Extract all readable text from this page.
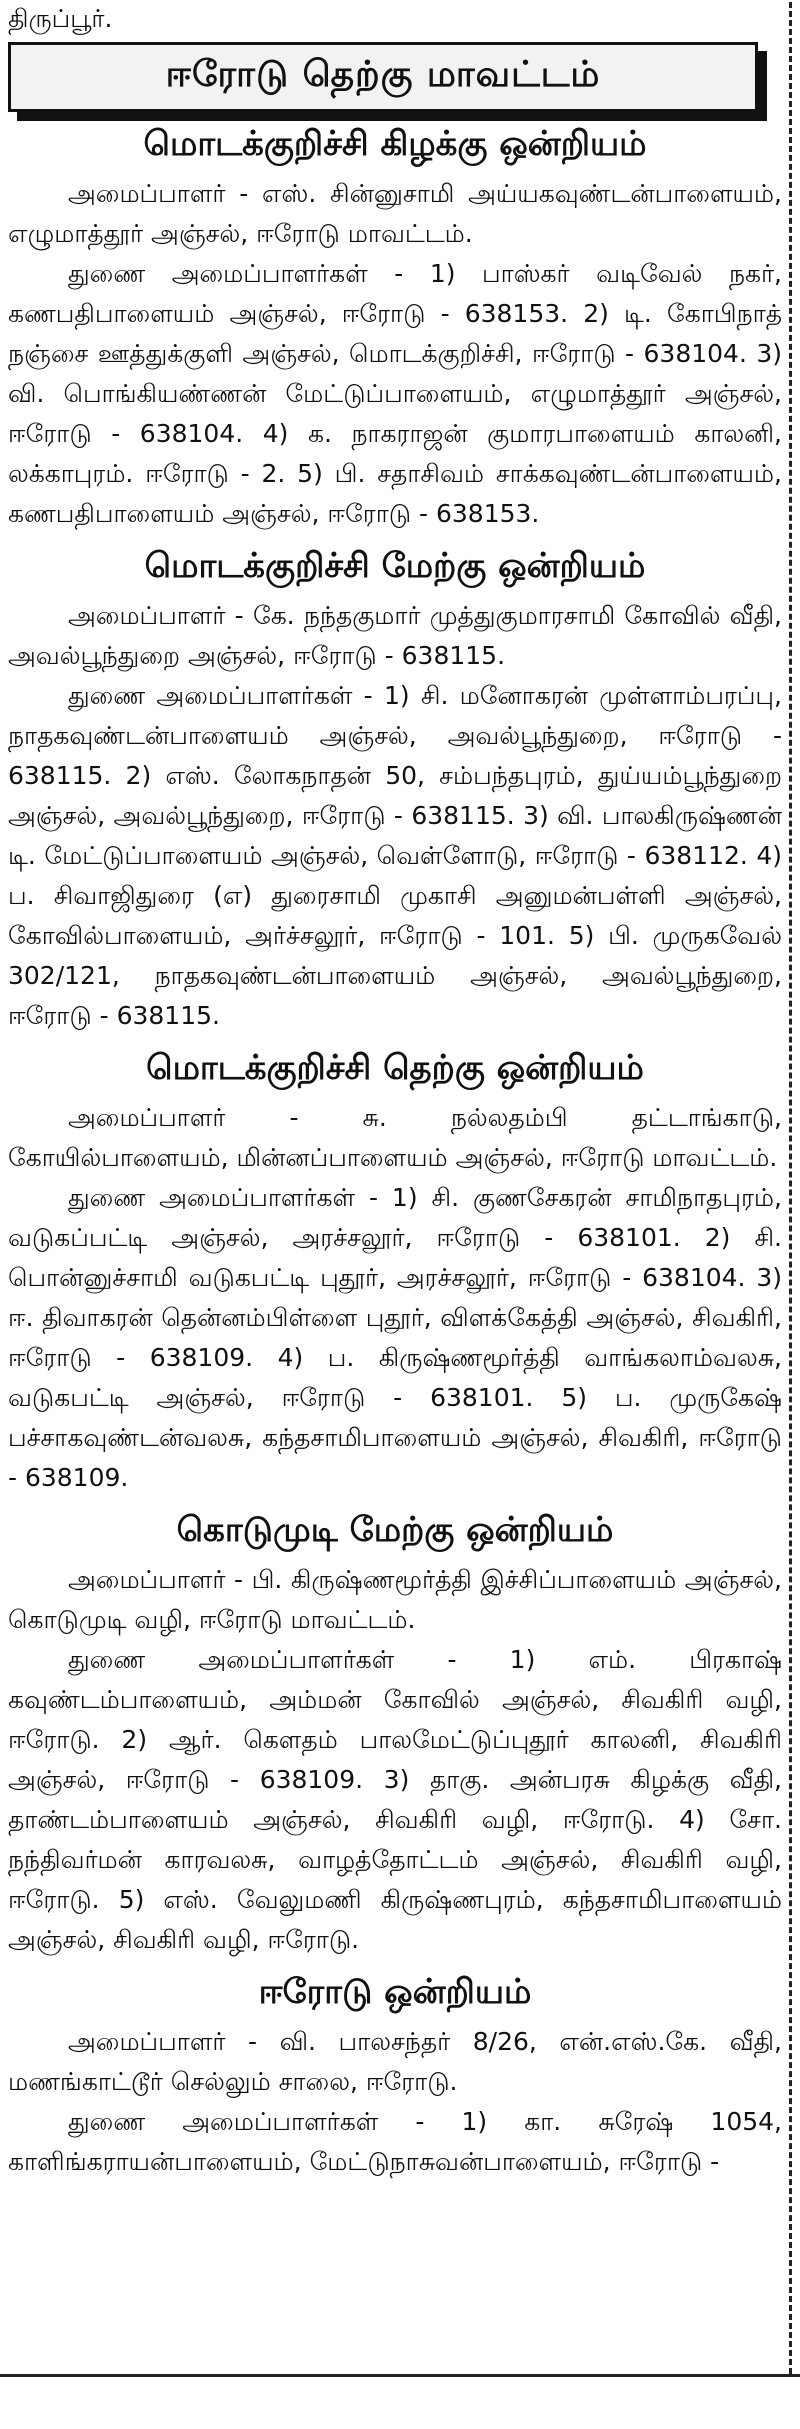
திருப்பூர்.
ஈரோடு தெற்கு மாவட்டம்
மொடக்குறிச்சி கிழக்கு ஒன்றியம்

அமைப்பாளர் - எஸ். சின்னுசாமி அய்யகவுண்டன்பாளையம், எழுமாத்தூர் அஞ்சல், ஈரோடு மாவட்டம்.

துணை அமைப்பாளர்கள் - 1) பாஸ்கர் வடிவேல் நகர், கணபதிபாளையம் அஞ்சல், ஈரோடு - 638153. 2) டி. கோபிநாத் நஞ்சை ஊத்துக்குளி அஞ்சல், மொடக்குறிச்சி, ஈரோடு - 638104. 3) வி. பொங்கியண்ணன் மேட்டுப்பாளையம், எழுமாத்தூர் அஞ்சல், ஈரோடு - 638104. 4) க. நாகராஜன் குமாரபாளையம் காலனி, லக்காபுரம். ஈரோடு - 2. 5) பி. சதாசிவம் சாக்கவுண்டன்பாளையம், கணபதிபாளையம் அஞ்சல், ஈரோடு - 638153.

மொடக்குறிச்சி மேற்கு ஒன்றியம்

அமைப்பாளர் - கே. நந்தகுமார் முத்துகுமாரசாமி கோவில் வீதி, அவல்பூந்துறை அஞ்சல், ஈரோடு - 638115.

துணை அமைப்பாளர்கள் - 1) சி. மனோகரன் முள்ளாம்பரப்பு, நாதகவுண்டன்பாளையம் அஞ்சல், அவல்பூந்துறை, ஈரோடு - 638115. 2) எஸ். லோகநாதன் 50, சம்பந்தபுரம், துய்யம்பூந்துறை அஞ்சல், அவல்பூந்துறை, ஈரோடு - 638115. 3) வி. பாலகிருஷ்ணன் டி. மேட்டுப்பாளையம் அஞ்சல், வெள்ளோடு, ஈரோடு - 638112. 4) ப. சிவாஜிதுரை (எ) துரைசாமி முகாசி அனுமன்பள்ளி அஞ்சல், கோவில்பாளையம், அர்ச்சலூர், ஈரோடு - 101. 5) பி. முருகவேல் 302/121, நாதகவுண்டன்பாளையம் அஞ்சல், அவல்பூந்துறை, ஈரோடு - 638115.

மொடக்குறிச்சி தெற்கு ஒன்றியம்

அமைப்பாளர் - சு. நல்லதம்பி தட்டாங்காடு, கோயில்பாளையம், மின்னப்பாளையம் அஞ்சல், ஈரோடு மாவட்டம்.

துணை அமைப்பாளர்கள் - 1) சி. குணசேகரன் சாமிநாதபுரம், வடுகப்பட்டி அஞ்சல், அரச்சலூர், ஈரோடு - 638101. 2) சி. பொன்னுச்சாமி வடுகபட்டி புதூர், அரச்சலூர், ஈரோடு - 638104. 3) ஈ. திவாகரன் தென்னம்பிள்ளை புதூர், விளக்கேத்தி அஞ்சல், சிவகிரி, ஈரோடு - 638109. 4) ப. கிருஷ்ணமூர்த்தி வாங்கலாம்வலசு, வடுகபட்டி அஞ்சல், ஈரோடு - 638101. 5) ப. முருகேஷ் பச்சாகவுண்டன்வலசு, கந்தசாமிபாளையம் அஞ்சல், சிவகிரி, ஈரோடு - 638109.

கொடுமுடி மேற்கு ஒன்றியம்

அமைப்பாளர் - பி. கிருஷ்ணமூர்த்தி இச்சிப்பாளையம் அஞ்சல், கொடுமுடி வழி, ஈரோடு மாவட்டம்.

துணை அமைப்பாளர்கள் - 1) எம். பிரகாஷ் கவுண்டம்பாளையம், அம்மன் கோவில் அஞ்சல், சிவகிரி வழி, ஈரோடு. 2) ஆர். கௌதம் பாலமேட்டுப்புதூர் காலனி, சிவகிரி அஞ்சல், ஈரோடு - 638109. 3) தாகு. அன்பரசு கிழக்கு வீதி, தாண்டம்பாளையம் அஞ்சல், சிவகிரி வழி, ஈரோடு. 4) சோ. நந்திவர்மன் காரவலசு, வாழத்தோட்டம் அஞ்சல், சிவகிரி வழி, ஈரோடு. 5) எஸ். வேலுமணி கிருஷ்ணபுரம், கந்தசாமிபாளையம் அஞ்சல், சிவகிரி வழி, ஈரோடு.

ஈரோடு ஒன்றியம்

அமைப்பாளர் - வி. பாலசந்தர் 8/26, என்.எஸ்.கே. வீதி, மணங்காட்டூர் செல்லும் சாலை, ஈரோடு.

துணை அமைப்பாளர்கள் - 1) கா. சுரேஷ் 1054, காளிங்கராயன்பாளையம், மேட்டுநாசுவன்பாளையம், ஈரோடு -
